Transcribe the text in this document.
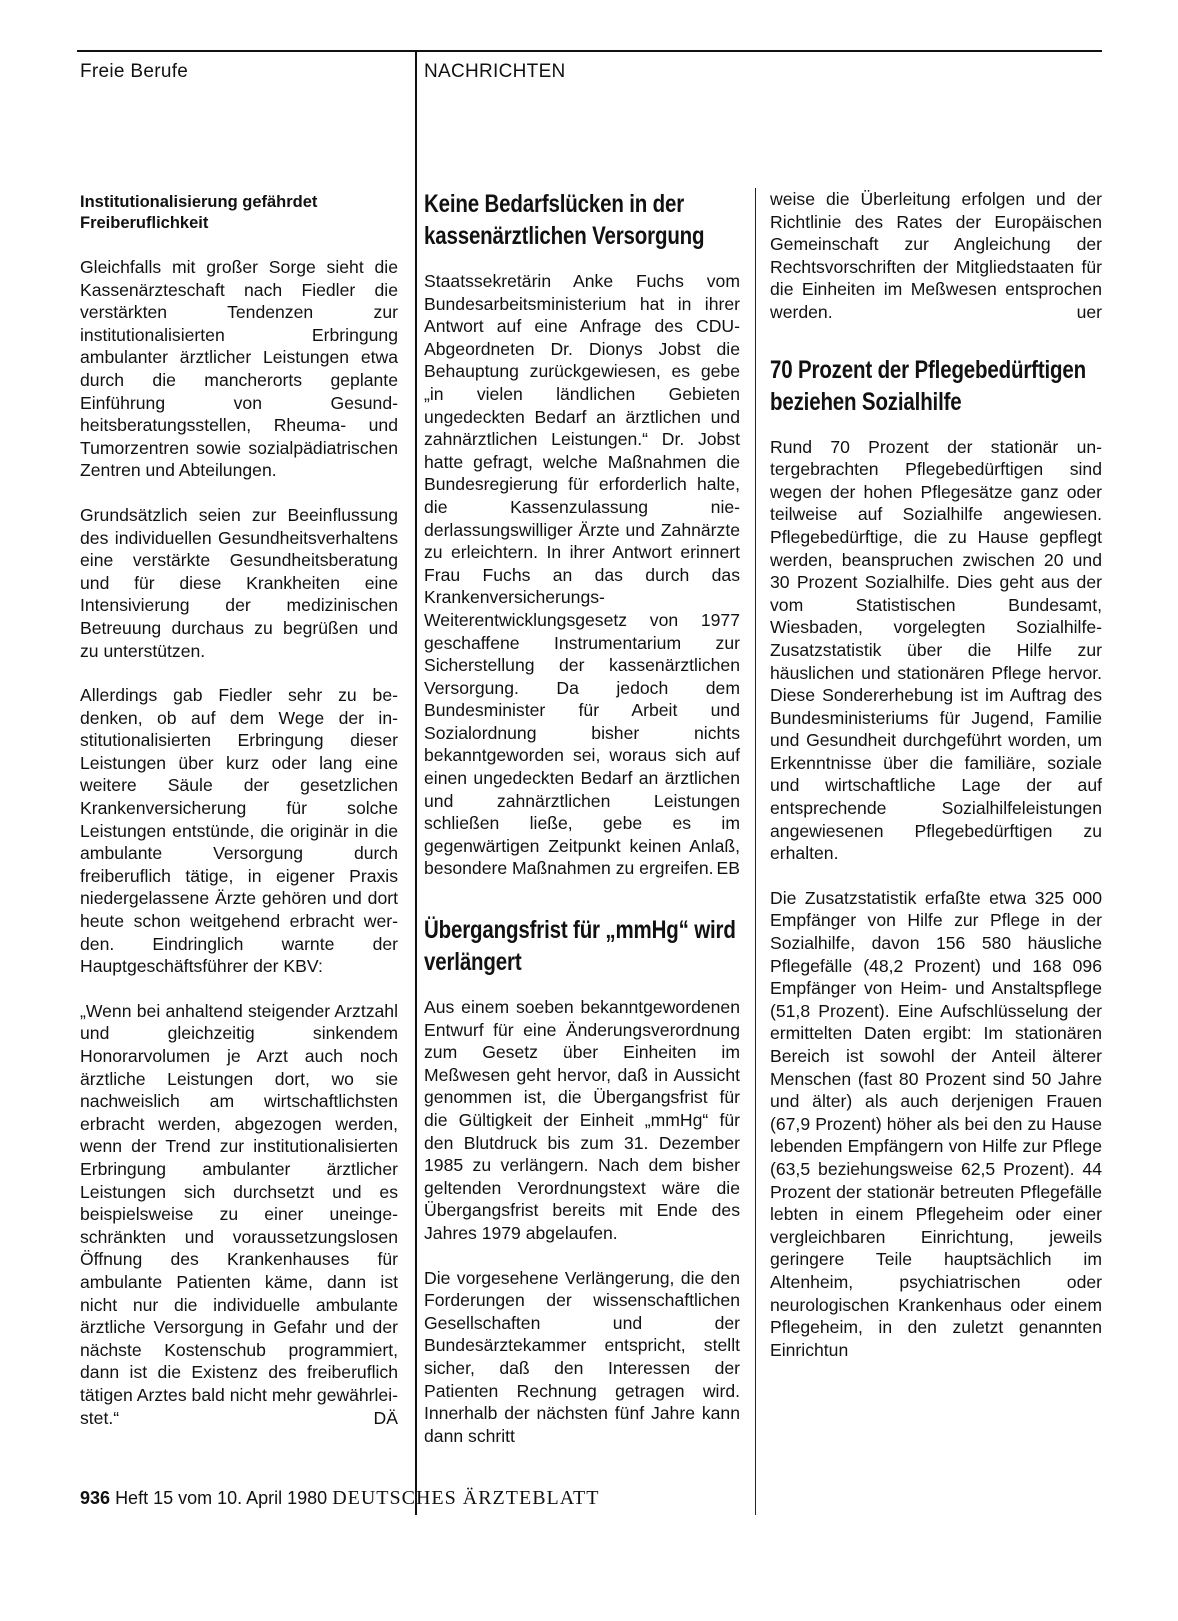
Freie Berufe	NACHRICHTEN
Institutionalisierung gefährdet Freiberuflichkeit

Gleichfalls mit großer Sorge sieht die Kassenärzteschaft nach Fiedler die verstärkten Tendenzen zur institutionalisierten Erbringung ambulanter ärztlicher Leistungen etwa durch die mancherorts geplante Einführung von Gesundheitsberatungsstellen, Rheuma- und Tumorzentren sowie sozialpädiatrischen Zentren und Abteilungen.

Grundsätzlich seien zur Beeinflussung des individuellen Gesundheitsverhaltens eine verstärkte Gesundheitsberatung und für diese Krankheiten eine Intensivierung der medizinischen Betreuung durchaus zu begrüßen und zu unterstützen.

Allerdings gab Fiedler sehr zu bedenken, ob auf dem Wege der institutionalisierten Erbringung dieser Leistungen über kurz oder lang eine weitere Säule der gesetzlichen Krankenversicherung für solche Leistungen entstünde, die originär in die ambulante Versorgung durch freiberuflich tätige, in eigener Praxis niedergelassene Ärzte gehören und dort heute schon weitgehend erbracht werden. Eindringlich warnte der Hauptgeschäftsführer der KBV:

„Wenn bei anhaltend steigender Arztzahl und gleichzeitig sinkendem Honorarvolumen je Arzt auch noch ärztliche Leistungen dort, wo sie nachweislich am wirtschaftlichsten erbracht werden, abgezogen werden, wenn der Trend zur institutionalisierten Erbringung ambulanter ärztlicher Leistungen sich durchsetzt und es beispielsweise zu einer uneingeschränkten und voraussetzungslosen Öffnung des Krankenhauses für ambulante Patienten käme, dann ist nicht nur die individuelle ambulante ärztliche Versorgung in Gefahr und der nächste Kostenschub programmiert, dann ist die Existenz des freiberuflich tätigen Arztes bald nicht mehr gewährleistet.“	DÄ

Keine Bedarfslücken in der kassenärztlichen Versorgung

Staatssekretärin Anke Fuchs vom Bundesarbeitsministerium hat in ihrer Antwort auf eine Anfrage des CDU-Abgeordneten Dr. Dionys Jobst die Behauptung zurückgewiesen, es gebe „in vielen ländlichen Gebieten ungedeckten Bedarf an ärztlichen und zahnärztlichen Leistungen.“ Dr. Jobst hatte gefragt, welche Maßnahmen die Bundesregierung für erforderlich halte, die Kassenzulassung niederlassungswilliger Ärzte und Zahnärzte zu erleichtern. In ihrer Antwort erinnert Frau Fuchs an das durch das Krankenversicherungs-Weiterentwicklungsgesetz von 1977 geschaffene Instrumentarium zur Sicherstellung der kassenärztlichen Versorgung. Da jedoch dem Bundesminister für Arbeit und Sozialordnung bisher nichts bekanntgeworden sei, woraus sich auf einen ungedeckten Bedarf an ärztlichen und zahnärztlichen Leistungen schließen ließe, gebe es im gegenwärtigen Zeitpunkt keinen Anlaß, besondere Maßnahmen zu ergreifen. EB

Übergangsfrist für „mmHg“ wird verlängert

Aus einem soeben bekanntgewordenen Entwurf für eine Änderungsverordnung zum Gesetz über Einheiten im Meßwesen geht hervor, daß in Aussicht genommen ist, die Übergangsfrist für die Gültigkeit der Einheit „mmHg“ für den Blutdruck bis zum 31. Dezember 1985 zu verlängern. Nach dem bisher geltenden Verordnungstext wäre die Übergangsfrist bereits mit Ende des Jahres 1979 abgelaufen.

Die vorgesehene Verlängerung, die den Forderungen der wissenschaftlichen Gesellschaften und der Bundesärztekammer entspricht, stellt sicher, daß den Interessen der Patienten Rechnung getragen wird. Innerhalb der nächsten fünf Jahre kann dann schritt

weise die Überleitung erfolgen und der Richtlinie des Rates der Europäischen Gemeinschaft zur Angleichung der Rechtsvorschriften der Mitgliedstaaten für die Einheiten im Meßwesen entsprochen werden.	uer

70 Prozent der Pflegebedürftigen beziehen Sozialhilfe

Rund 70 Prozent der stationär untergebrachten Pflegebedürftigen sind wegen der hohen Pflegesätze ganz oder teilweise auf Sozialhilfe angewiesen. Pflegebedürftige, die zu Hause gepflegt werden, beanspruchen zwischen 20 und 30 Prozent Sozialhilfe. Dies geht aus der vom Statistischen Bundesamt, Wiesbaden, vorgelegten Sozialhilfe-Zusatzstatistik über die Hilfe zur häuslichen und stationären Pflege hervor. Diese Sondererhebung ist im Auftrag des Bundesministeriums für Jugend, Familie und Gesundheit durchgeführt worden, um Erkenntnisse über die familiäre, soziale und wirtschaftliche Lage der auf entsprechende Sozialhilfeleistungen angewiesenen Pflegebedürftigen zu erhalten.

Die Zusatzstatistik erfaßte etwa 325 000 Empfänger von Hilfe zur Pflege in der Sozialhilfe, davon 156 580 häusliche Pflegefälle (48,2 Prozent) und 168 096 Empfänger von Heim- und Anstaltspflege (51,8 Prozent). Eine Aufschlüsselung der ermittelten Daten ergibt: Im stationären Bereich ist sowohl der Anteil älterer Menschen (fast 80 Prozent sind 50 Jahre und älter) als auch derjenigen Frauen (67,9 Prozent) höher als bei den zu Hause lebenden Empfängern von Hilfe zur Pflege (63,5 beziehungsweise 62,5 Prozent). 44 Prozent der stationär betreuten Pflegefälle lebten in einem Pflegeheim oder einer vergleichbaren Einrichtung, jeweils geringere Teile hauptsächlich im Altenheim, psychiatrischen oder neurologischen Krankenhaus oder einem Pflegeheim, in den zuletzt genannten Einrichtun

936 Heft 15 vom 10. April 1980 DEUTSCHES ÄRZTEBLATT
